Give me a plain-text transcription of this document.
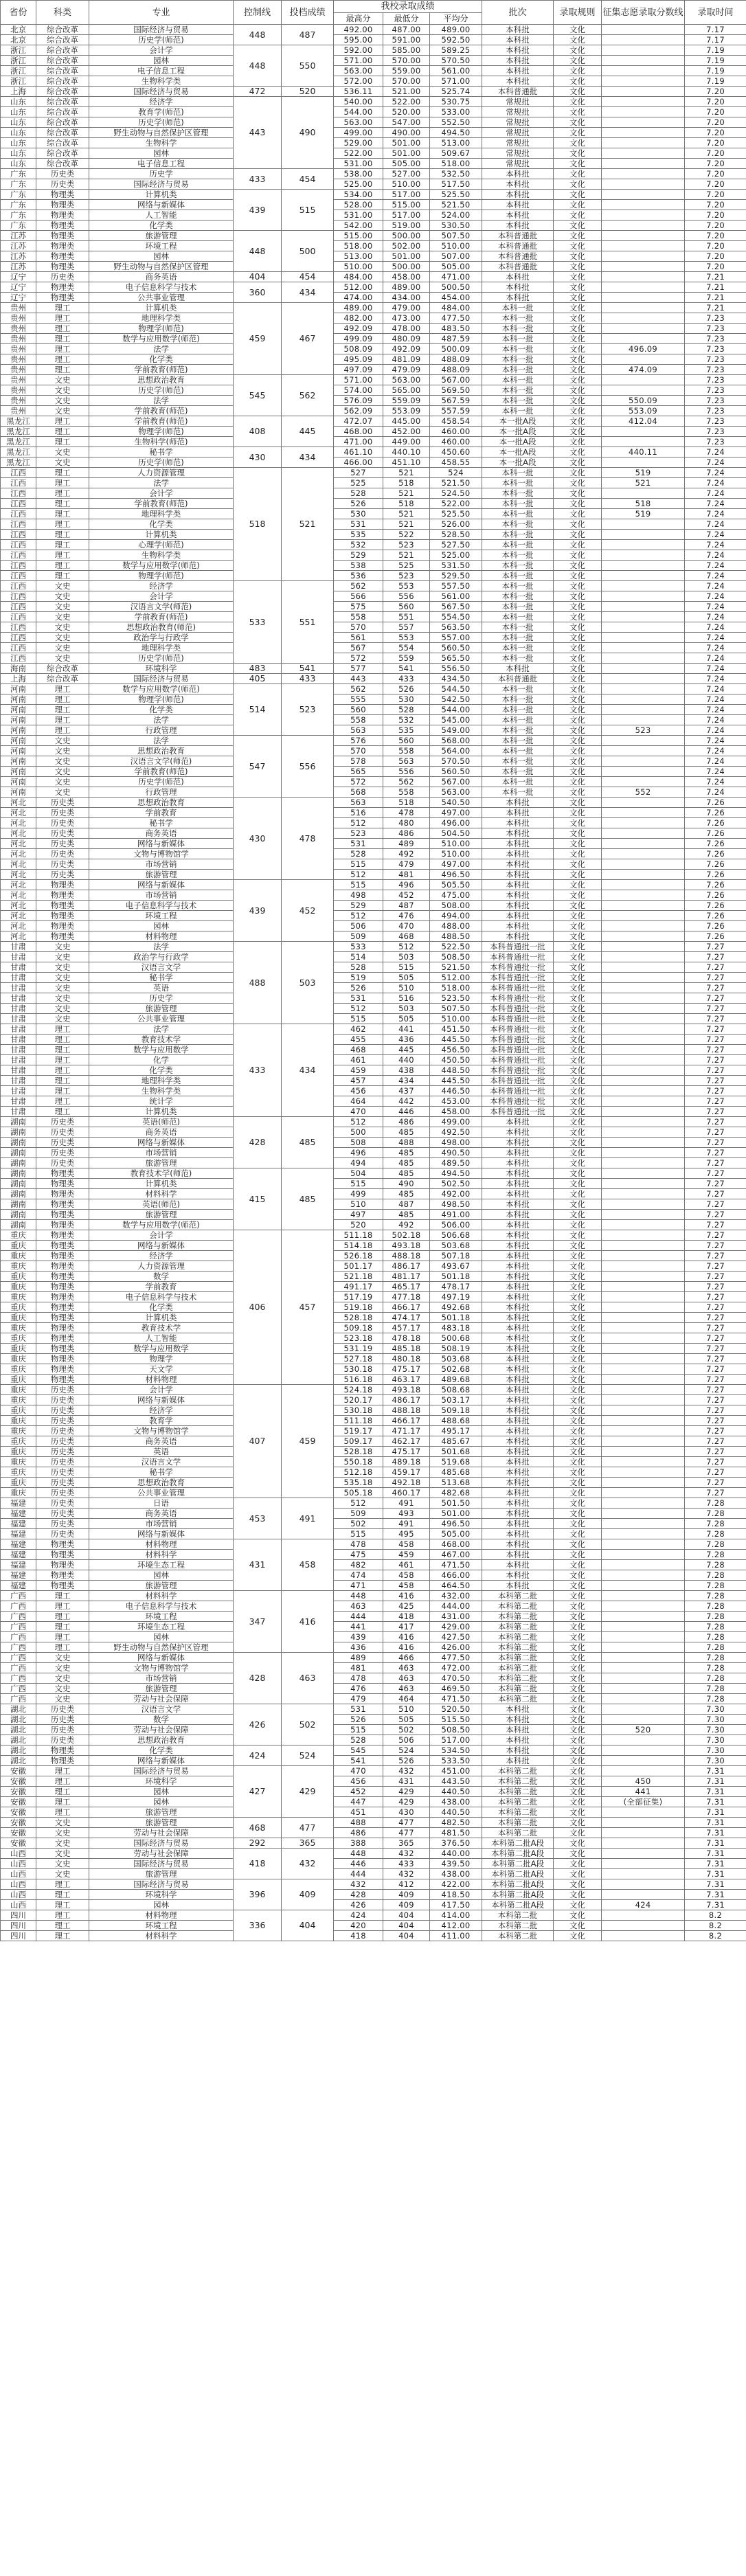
省份	科类	专业	控制线	投档成绩	我校录取成绩			批次	录取规则	征集志愿录取分数线	录取时间
					最高分	最低分	平均分				
北京	综合改革	国际经济与贸易	448	487	492.00	487.00	489.00	本科批	文化		7.17
北京	综合改革	历史学(师范)			595.00	591.00	592.50	本科批	文化		7.17
浙江	综合改革	会计学	448	550	592.00	585.00	589.25	本科批	文化		7.19
浙江	综合改革	园林			571.00	570.00	570.50	本科批	文化		7.19
浙江	综合改革	电子信息工程			563.00	559.00	561.00	本科批	文化		7.19
浙江	综合改革	生物科学类			572.00	570.00	571.00	本科批	文化		7.19
上海	综合改革	国际经济与贸易	472	520	536.11	521.00	525.74	本科普通批	文化		7.20
山东	综合改革	经济学	443	490	540.00	522.00	530.75	常规批	文化		7.20
山东	综合改革	教育学(师范)			544.00	520.00	533.00	常规批	文化		7.20
山东	综合改革	历史学(师范)			563.00	547.00	552.50	常规批	文化		7.20
山东	综合改革	野生动物与自然保护区管理			499.00	490.00	494.50	常规批	文化		7.20
山东	综合改革	生物科学			529.00	501.00	513.00	常规批	文化		7.20
山东	综合改革	园林			522.00	501.00	509.67	常规批	文化		7.20
山东	综合改革	电子信息工程			531.00	505.00	518.00	常规批	文化		7.20
广东	历史类	历史学	433	454	538.00	527.00	532.50	本科批	文化		7.20
广东	历史类	国际经济与贸易			525.00	510.00	517.50	本科批	文化		7.20
广东	物理类	计算机类	439	515	534.00	517.00	525.50	本科批	文化		7.20
广东	物理类	网络与新媒体			528.00	515.00	521.50	本科批	文化		7.20
广东	物理类	人工智能			531.00	517.00	524.00	本科批	文化		7.20
广东	物理类	化学类			542.00	519.00	530.50	本科批	文化		7.20
江苏	物理类	旅游管理	448	500	515.00	500.00	507.50	本科普通批	文化		7.20
江苏	物理类	环境工程			518.00	502.00	510.00	本科普通批	文化		7.20
江苏	物理类	园林			513.00	501.00	507.00	本科普通批	文化		7.20
江苏	物理类	野生动物与自然保护区管理			510.00	500.00	505.00	本科普通批	文化		7.20
辽宁	历史类	商务英语	404	454	484.00	458.00	471.00	本科批	文化		7.21
辽宁	物理类	电子信息科学与技术	360	434	512.00	489.00	500.50	本科批	文化		7.21
辽宁	物理类	公共事业管理			474.00	434.00	454.00	本科批	文化		7.21
贵州	理工	计算机类	459	467	489.00	479.00	484.00	本科一批	文化		7.21
贵州	理工	地理科学类			482.00	473.00	477.50	本科一批	文化		7.23
贵州	理工	物理学(师范)			492.09	478.00	483.50	本科一批	文化		7.23
贵州	理工	数学与应用数学(师范)			499.09	480.09	487.59	本科一批	文化		7.23
贵州	理工	法学			508.09	492.09	500.09	本科一批	文化	496.09	7.23
贵州	理工	化学类			495.09	481.09	488.09	本科一批	文化		7.23
贵州	理工	学前教育(师范)			497.09	479.09	488.09	本科一批	文化	474.09	7.23
贵州	文史	思想政治教育	545	562	571.00	563.00	567.00	本科一批	文化		7.23
贵州	文史	历史学(师范)			574.00	565.00	569.50	本科一批	文化		7.23
贵州	文史	法学			576.09	559.09	567.59	本科一批	文化	550.09	7.23
贵州	文史	学前教育(师范)			562.09	553.09	557.59	本科一批	文化	553.09	7.23
黑龙江	理工	学前教育(师范)	408	445	472.07	445.00	458.54	本一批A段	文化	412.04	7.23
黑龙江	理工	物理学(师范)			468.00	452.00	460.00	本一批A段	文化		7.23
黑龙江	理工	生物科学(师范)			471.00	449.00	460.00	本一批A段	文化		7.23
黑龙江	文史	秘书学	430	434	461.10	440.10	450.60	本一批A段	文化	440.11	7.24
黑龙江	文史	历史学(师范)			466.00	451.10	458.55	本一批A段	文化		7.24
江西	理工	人力资源管理	518	521	527	521	524	本科一批	文化	519	7.24
江西	理工	法学			525	518	521.50	本科一批	文化	521	7.24
江西	理工	会计学			528	521	524.50	本科一批	文化		7.24
江西	理工	学前教育(师范)			526	518	522.00	本科一批	文化	518	7.24
江西	理工	地理科学类			530	521	525.50	本科一批	文化	519	7.24
江西	理工	化学类			531	521	526.00	本科一批	文化		7.24
江西	理工	计算机类			535	522	528.50	本科一批	文化		7.24
江西	理工	心理学(师范)			532	523	527.50	本科一批	文化		7.24
江西	理工	生物科学类			529	521	525.00	本科一批	文化		7.24
江西	理工	数学与应用数学(师范)			538	525	531.50	本科一批	文化		7.24
江西	理工	物理学(师范)			536	523	529.50	本科一批	文化		7.24
江西	文史	经济学	533	551	562	553	557.50	本科一批	文化		7.24
江西	文史	会计学			566	556	561.00	本科一批	文化		7.24
江西	文史	汉语言文学(师范)			575	560	567.50	本科一批	文化		7.24
江西	文史	学前教育(师范)			558	551	554.50	本科一批	文化		7.24
江西	文史	思想政治教育(师范)			570	557	563.50	本科一批	文化		7.24
江西	文史	政治学与行政学			561	553	557.00	本科一批	文化		7.24
江西	文史	地理科学类			567	554	560.50	本科一批	文化		7.24
江西	文史	历史学(师范)			572	559	565.50	本科一批	文化		7.24
海南	综合改革	环境科学	483	541	577	541	556.50	本科批	文化		7.24
上海	综合改革	国际经济与贸易	405	433	443	433	434.50	本科普通批	文化		7.24
河南	理工	数学与应用数学(师范)	514	523	562	526	544.50	本科一批	文化		7.24
河南	理工	物理学(师范)			555	530	542.50	本科一批	文化		7.24
河南	理工	化学类			560	528	544.00	本科一批	文化		7.24
河南	理工	法学			558	532	545.00	本科一批	文化		7.24
河南	理工	行政管理			563	535	549.00	本科一批	文化	523	7.24
河南	文史	法学	547	556	576	560	568.00	本科一批	文化		7.24
河南	文史	思想政治教育			570	558	564.00	本科一批	文化		7.24
河南	文史	汉语言文学(师范)			578	563	570.50	本科一批	文化		7.24
河南	文史	学前教育(师范)			565	556	560.50	本科一批	文化		7.24
河南	文史	历史学(师范)			572	562	567.00	本科一批	文化		7.24
河南	文史	行政管理			568	558	563.00	本科一批	文化	552	7.24
河北	历史类	思想政治教育	430	478	563	518	540.50	本科批	文化		7.26
河北	历史类	学前教育			516	478	497.00	本科批	文化		7.26
河北	历史类	秘书学			512	480	496.00	本科批	文化		7.26
河北	历史类	商务英语			523	486	504.50	本科批	文化		7.26
河北	历史类	网络与新媒体			531	489	510.00	本科批	文化		7.26
河北	历史类	文物与博物馆学			528	492	510.00	本科批	文化		7.26
河北	历史类	市场营销			515	479	497.00	本科批	文化		7.26
河北	历史类	旅游管理			512	481	496.50	本科批	文化		7.26
河北	物理类	网络与新媒体	439	452	515	496	505.50	本科批	文化		7.26
河北	物理类	市场营销			498	452	475.00	本科批	文化		7.26
河北	物理类	电子信息科学与技术			529	487	508.00	本科批	文化		7.26
河北	物理类	环境工程			512	476	494.00	本科批	文化		7.26
河北	物理类	园林			506	470	488.00	本科批	文化		7.26
河北	物理类	材料物理			509	468	488.50	本科批	文化		7.26
甘肃	文史	法学	488	503	533	512	522.50	本科普通批一批	文化		7.27
甘肃	文史	政治学与行政学			514	503	508.50	本科普通批一批	文化		7.27
甘肃	文史	汉语言文学			528	515	521.50	本科普通批一批	文化		7.27
甘肃	文史	秘书学			519	505	512.00	本科普通批一批	文化		7.27
甘肃	文史	英语			526	510	518.00	本科普通批一批	文化		7.27
甘肃	文史	历史学			531	516	523.50	本科普通批一批	文化		7.27
甘肃	文史	旅游管理			512	503	507.50	本科普通批一批	文化		7.27
甘肃	文史	公共事业管理			515	505	510.00	本科普通批一批	文化		7.27
甘肃	理工	法学	433	434	462	441	451.50	本科普通批一批	文化		7.27
甘肃	理工	教育技术学			455	436	445.50	本科普通批一批	文化		7.27
甘肃	理工	数学与应用数学			468	445	456.50	本科普通批一批	文化		7.27
甘肃	理工	化学			461	440	450.50	本科普通批一批	文化		7.27
甘肃	理工	化学类			459	438	448.50	本科普通批一批	文化		7.27
甘肃	理工	地理科学类			457	434	445.50	本科普通批一批	文化		7.27
甘肃	理工	生物科学类			456	437	446.50	本科普通批一批	文化		7.27
甘肃	理工	统计学			464	442	453.00	本科普通批一批	文化		7.27
甘肃	理工	计算机类			470	446	458.00	本科普通批一批	文化		7.27
湖南	历史类	英语(师范)	428	485	512	486	499.00	本科批	文化		7.27
湖南	历史类	商务英语			500	485	492.50	本科批	文化		7.27
湖南	历史类	网络与新媒体			508	488	498.00	本科批	文化		7.27
湖南	历史类	市场营销			496	485	490.50	本科批	文化		7.27
湖南	历史类	旅游管理			494	485	489.50	本科批	文化		7.27
湖南	物理类	教育技术学(师范)	415	485	504	485	494.50	本科批	文化		7.27
湖南	物理类	计算机类			515	490	502.50	本科批	文化		7.27
湖南	物理类	材料科学			499	485	492.00	本科批	文化		7.27
湖南	物理类	英语(师范)			510	487	498.50	本科批	文化		7.27
湖南	物理类	旅游管理			497	485	491.00	本科批	文化		7.27
湖南	物理类	数学与应用数学(师范)			520	492	506.00	本科批	文化		7.27
重庆	物理类	会计学	406	457	511.18	502.18	506.68	本科批	文化		7.27
重庆	物理类	网络与新媒体			514.18	493.18	503.68	本科批	文化		7.27
重庆	物理类	经济学			526.18	488.18	507.18	本科批	文化		7.27
重庆	物理类	人力资源管理			501.17	486.17	493.67	本科批	文化		7.27
重庆	物理类	数学			521.18	481.17	501.18	本科批	文化		7.27
重庆	物理类	学前教育			491.17	465.17	478.17	本科批	文化		7.27
重庆	物理类	电子信息科学与技术			517.19	477.18	497.19	本科批	文化		7.27
重庆	物理类	化学类			519.18	466.17	492.68	本科批	文化		7.27
重庆	物理类	计算机类			528.18	474.17	501.18	本科批	文化		7.27
重庆	物理类	教育技术学			509.18	457.17	483.18	本科批	文化		7.27
重庆	物理类	人工智能			523.18	478.18	500.68	本科批	文化		7.27
重庆	物理类	数学与应用数学			531.19	485.18	508.19	本科批	文化		7.27
重庆	物理类	物理学			527.18	480.18	503.68	本科批	文化		7.27
重庆	物理类	天文学			530.18	475.17	502.68	本科批	文化		7.27
重庆	物理类	材料物理			516.18	463.17	489.68	本科批	文化		7.27
重庆	历史类	会计学	407	459	524.18	493.18	508.68	本科批	文化		7.27
重庆	历史类	网络与新媒体			520.17	486.17	503.17	本科批	文化		7.27
重庆	历史类	经济学			530.18	488.18	509.18	本科批	文化		7.27
重庆	历史类	教育学			511.18	466.17	488.68	本科批	文化		7.27
重庆	历史类	文物与博物馆学			519.17	471.17	495.17	本科批	文化		7.27
重庆	历史类	商务英语			509.17	462.17	485.67	本科批	文化		7.27
重庆	历史类	英语			528.18	475.17	501.68	本科批	文化		7.27
重庆	历史类	汉语言文学			550.18	489.18	519.68	本科批	文化		7.27
重庆	历史类	秘书学			512.18	459.17	485.68	本科批	文化		7.27
重庆	历史类	思想政治教育			535.18	492.18	513.68	本科批	文化		7.27
重庆	历史类	公共事业管理			505.18	460.17	482.68	本科批	文化		7.27
福建	历史类	日语	453	491	512	491	501.50	本科批	文化		7.28
福建	历史类	商务英语			509	493	501.00	本科批	文化		7.28
福建	历史类	市场营销			502	491	496.50	本科批	文化		7.28
福建	历史类	网络与新媒体			515	495	505.00	本科批	文化		7.28
福建	物理类	材料物理	431	458	478	458	468.00	本科批	文化		7.28
福建	物理类	材料科学			475	459	467.00	本科批	文化		7.28
福建	物理类	环境生态工程			482	461	471.50	本科批	文化		7.28
福建	物理类	园林			474	458	466.00	本科批	文化		7.28
福建	物理类	旅游管理			471	458	464.50	本科批	文化		7.28
广西	理工	材料科学	347	416	448	416	432.00	本科第二批	文化		7.28
广西	理工	电子信息科学与技术			463	425	444.00	本科第二批	文化		7.28
广西	理工	环境工程			444	418	431.00	本科第二批	文化		7.28
广西	理工	环境生态工程			441	417	429.00	本科第二批	文化		7.28
广西	理工	园林			439	416	427.50	本科第二批	文化		7.28
广西	理工	野生动物与自然保护区管理			436	416	426.00	本科第二批	文化		7.28
广西	文史	网络与新媒体	428	463	489	466	477.50	本科第二批	文化		7.28
广西	文史	文物与博物馆学			481	463	472.00	本科第二批	文化		7.28
广西	文史	市场营销			478	463	470.50	本科第二批	文化		7.28
广西	文史	旅游管理			476	463	469.50	本科第二批	文化		7.28
广西	文史	劳动与社会保障			479	464	471.50	本科第二批	文化		7.28
湖北	历史类	汉语言文学	426	502	531	510	520.50	本科批	文化		7.30
湖北	历史类	数学			526	505	515.50	本科批	文化		7.30
湖北	历史类	劳动与社会保障			515	502	508.50	本科批	文化	520	7.30
湖北	历史类	思想政治教育			528	506	517.00	本科批	文化		7.30
湖北	物理类	化学类	424	524	545	524	534.50	本科批	文化		7.30
湖北	物理类	网络与新媒体			541	526	533.50	本科批	文化		7.30
安徽	理工	国际经济与贸易	427	429	470	432	451.00	本科第二批	文化		7.31
安徽	理工	环境科学			456	431	443.50	本科第二批	文化	450	7.31
安徽	理工	园林			452	429	440.50	本科第二批	文化	441	7.31
安徽	理工	园林			447	429	438.00	本科第二批	文化	(全部征集)	7.31
安徽	理工	旅游管理			451	430	440.50	本科第二批	文化		7.31
安徽	文史	旅游管理	468	477	488	477	482.50	本科第二批	文化		7.31
安徽	文史	劳动与社会保障			486	477	481.50	本科第二批	文化		7.31
安徽	文史	国际经济与贸易	292	365	388	365	376.50	本科第二批A段	文化		7.31
山西	文史	劳动与社会保障	418	432	448	432	440.00	本科第二批A段	文化		7.31
山西	文史	国际经济与贸易			446	433	439.50	本科第二批A段	文化		7.31
山西	文史	旅游管理			444	432	438.00	本科第二批A段	文化		7.31
山西	理工	国际经济与贸易	396	409	432	412	422.00	本科第二批A段	文化		7.31
山西	理工	环境科学			428	409	418.50	本科第二批A段	文化		7.31
山西	理工	园林			426	409	417.50	本科第二批A段	文化	424	7.31
四川	理工	材料物理	336	404	424	404	414.00	本科第二批	文化		8.2
四川	理工	环境工程			420	404	412.00	本科第二批	文化		8.2
四川	理工	材料科学			418	404	411.00	本科第二批	文化		8.2
